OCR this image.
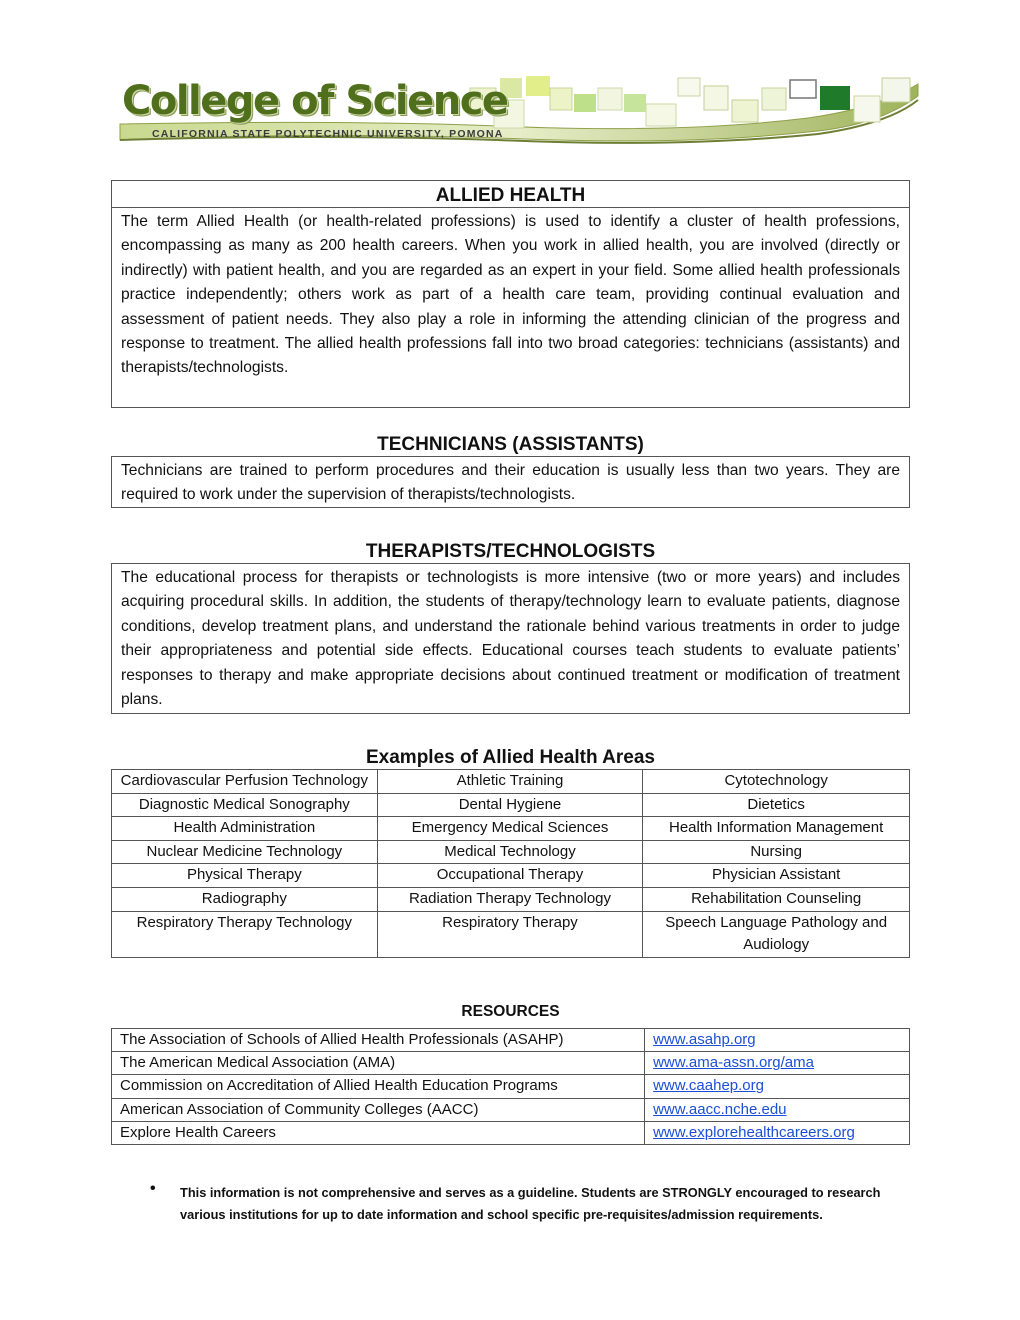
College of Science
CALIFORNIA STATE POLYTECHNIC UNIVERSITY, POMONA
ALLIED HEALTH
The term Allied Health (or health-related professions) is used to identify a cluster of health professions, encompassing as many as 200 health careers. When you work in allied health, you are involved (directly or indirectly) with patient health, and you are regarded as an expert in your field. Some allied health professionals practice independently; others work as part of a health care team, providing continual evaluation and assessment of patient needs. They also play a role in informing the attending clinician of the progress and response to treatment. The allied health professions fall into two broad categories: technicians (assistants) and therapists/technologists.
TECHNICIANS (ASSISTANTS)
Technicians are trained to perform procedures and their education is usually less than two years. They are required to work under the supervision of therapists/technologists.
THERAPISTS/TECHNOLOGISTS
The educational process for therapists or technologists is more intensive (two or more years) and includes acquiring procedural skills. In addition, the students of therapy/technology learn to evaluate patients, diagnose conditions, develop treatment plans, and understand the rationale behind various treatments in order to judge their appropriateness and potential side effects. Educational courses teach students to evaluate patients’ responses to therapy and make appropriate decisions about continued treatment or modification of treatment plans.
Examples of Allied Health Areas
Cardiovascular Perfusion Technology	Athletic Training	Cytotechnology
Diagnostic Medical Sonography	Dental Hygiene	Dietetics
Health Administration	Emergency Medical Sciences	Health Information Management
Nuclear Medicine Technology	Medical Technology	Nursing
Physical Therapy	Occupational Therapy	Physician Assistant
Radiography	Radiation Therapy Technology	Rehabilitation Counseling
Respiratory Therapy Technology	Respiratory Therapy	Speech Language Pathology and Audiology
RESOURCES
The Association of Schools of Allied Health Professionals (ASAHP)	www.asahp.org
The American Medical Association (AMA)	www.ama-assn.org/ama
Commission on Accreditation of Allied Health Education Programs	www.caahep.org
American Association of Community Colleges (AACC)	www.aacc.nche.edu
Explore Health Careers	www.explorehealthcareers.org
• This information is not comprehensive and serves as a guideline. Students are STRONGLY encouraged to research various institutions for up to date information and school specific pre-requisites/admission requirements.
